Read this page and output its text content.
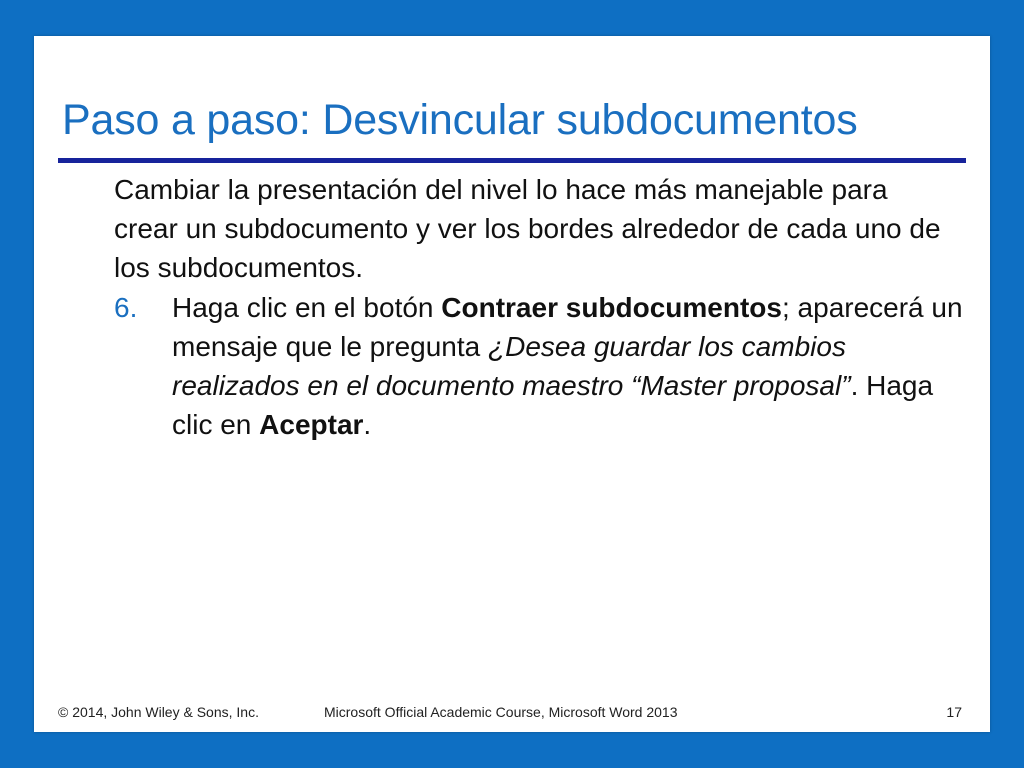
Paso a paso: Desvincular subdocumentos

Cambiar la presentación del nivel lo hace más manejable para crear un subdocumento y ver los bordes alrededor de cada uno de los subdocumentos.

6.	Haga clic en el botón Contraer subdocumentos; aparecerá un mensaje que le pregunta ¿Desea guardar los cambios realizados en el documento maestro “Master proposal”. Haga clic en Aceptar.
© 2014, John Wiley & Sons, Inc.	Microsoft Official Academic Course, Microsoft Word 2013	17
